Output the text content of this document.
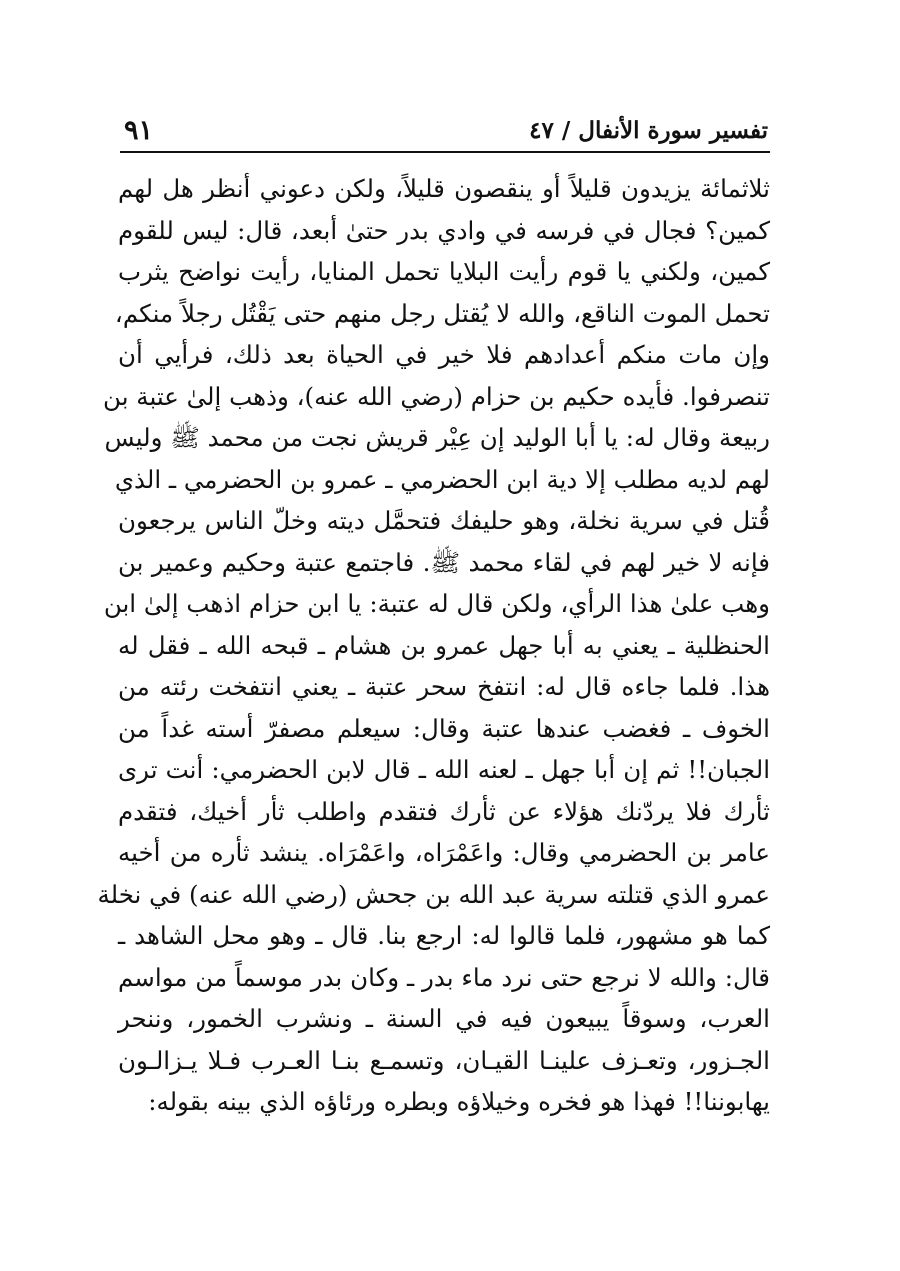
تفسير سورة الأنفال / ٤٧
٩١
ثلاثمائة يزيدون قليلاً أو ينقصون قليلاً، ولكن دعوني أنظر هل لهم
كمين؟ فجال في فرسه في وادي بدر حتىٰ أبعد، قال: ليس للقوم
كمين، ولكني يا قوم رأيت البلايا تحمل المنايا، رأيت نواضح يثرب
تحمل الموت الناقع، والله لا يُقتل رجل منهم حتى يَقْتُل رجلاً منكم،
وإن مات منكم أعدادهم فلا خير في الحياة بعد ذلك، فرأيي أن
تنصرفوا. فأيده حكيم بن حزام (رضي الله عنه)، وذهب إلىٰ عتبة بن
ربيعة وقال له: يا أبا الوليد إن عِيْر قريش نجت من محمد ﷺ وليس
لهم لديه مطلب إلا دية ابن الحضرمي ـ عمرو بن الحضرمي ـ الذي
قُتل في سرية نخلة، وهو حليفك فتحمَّل ديته وخلّ الناس يرجعون
فإنه لا خير لهم في لقاء محمد ﷺ. فاجتمع عتبة وحكيم وعمير بن
وهب علىٰ هذا الرأي، ولكن قال له عتبة: يا ابن حزام اذهب إلىٰ ابن
الحنظلية ـ يعني به أبا جهل عمرو بن هشام ـ قبحه الله ـ فقل له
هذا. فلما جاءه قال له: انتفخ سحر عتبة ـ يعني انتفخت رئته من
الخوف ـ فغضب عندها عتبة وقال: سيعلم مصفرّ أسته غداً من
الجبان!! ثم إن أبا جهل ـ لعنه الله ـ قال لابن الحضرمي: أنت ترى
ثأرك فلا يردّنك هؤلاء عن ثأرك فتقدم واطلب ثأر أخيك، فتقدم
عامر بن الحضرمي وقال: واعَمْرَاه، واعَمْرَاه. ينشد ثأره من أخيه
عمرو الذي قتلته سرية عبد الله بن جحش (رضي الله عنه) في نخلة
كما هو مشهور، فلما قالوا له: ارجع بنا. قال ـ وهو محل الشاهد ـ
قال: والله لا نرجع حتى نرد ماء بدر ـ وكان بدر موسماً من مواسم
العرب، وسوقاً يبيعون فيه في السنة ـ ونشرب الخمور، وننحر
الجـزور، وتعـزف علينـا القيـان، وتسمـع بنـا العـرب فـلا يـزالـون
يهابوننا!! فهذا هو فخره وخيلاؤه وبطره ورئاؤه الذي بينه بقوله:
